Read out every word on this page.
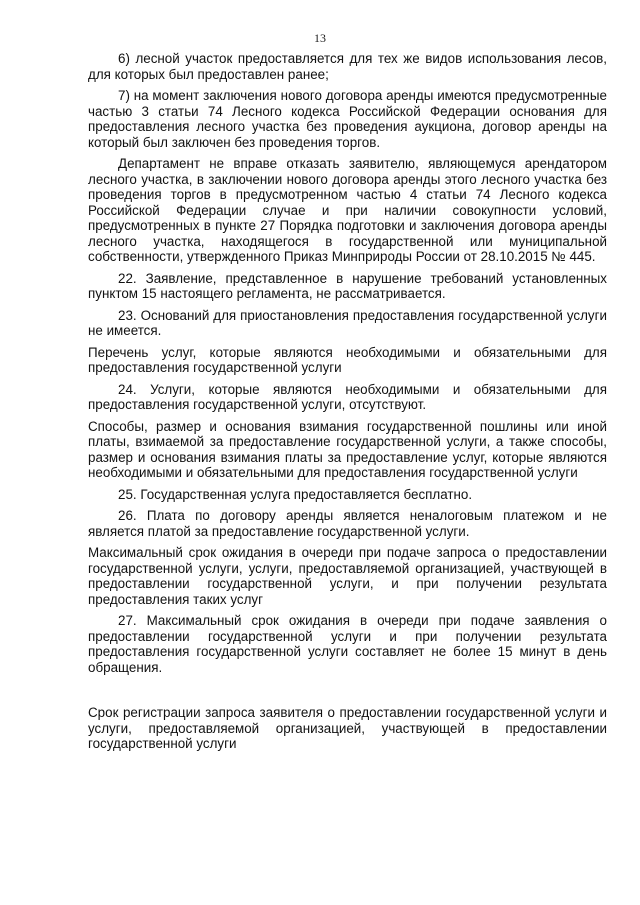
13

6) лесной участок предоставляется для тех же видов использования лесов, для которых был предоставлен ранее;

7) на момент заключения нового договора аренды имеются предусмотренные частью 3 статьи 74 Лесного кодекса Российской Федерации основания для предоставления лесного участка без проведения аукциона, договор аренды на который был заключен без проведения торгов.

Департамент не вправе отказать заявителю, являющемуся арендатором лесного участка, в заключении нового договора аренды этого лесного участка без проведения торгов в предусмотренном частью 4 статьи 74 Лесного кодекса Российской Федерации случае и при наличии совокупности условий, предусмотренных в пункте 27 Порядка подготовки и заключения договора аренды лесного участка, находящегося в государственной или муниципальной собственности, утвержденного Приказ Минприроды России от 28.10.2015 № 445.

22. Заявление, представленное в нарушение требований установленных пунктом 15 настоящего регламента, не рассматривается.

23. Оснований для приостановления предоставления государственной услуги не имеется.

Перечень услуг, которые являются необходимыми и обязательными для предоставления государственной услуги

24. Услуги, которые являются необходимыми и обязательными для предоставления государственной услуги, отсутствуют.

Способы, размер и основания взимания государственной пошлины или иной платы, взимаемой за предоставление государственной услуги, а также способы, размер и основания взимания платы за предоставление услуг, которые являются необходимыми и обязательными для предоставления государственной услуги

25. Государственная услуга предоставляется бесплатно.

26. Плата по договору аренды является неналоговым платежом и не является платой за предоставление государственной услуги.

Максимальный срок ожидания в очереди при подаче запроса о предоставлении государственной услуги, услуги, предоставляемой организацией, участвующей в предоставлении государственной услуги, и при получении результата предоставления таких услуг

27. Максимальный срок ожидания в очереди при подаче заявления о предоставлении государственной услуги и при получении результата предоставления государственной услуги составляет не более 15 минут в день обращения.

Срок регистрации запроса заявителя о предоставлении государственной услуги и услуги, предоставляемой организацией, участвующей в предоставлении государственной услуги
